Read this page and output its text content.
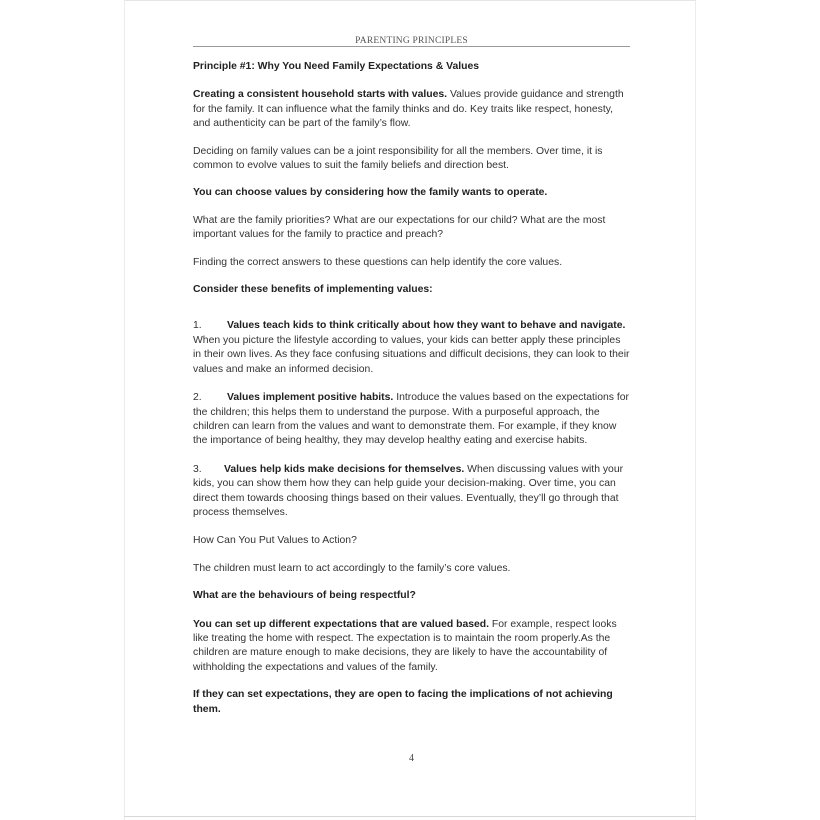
PARENTING PRINCIPLES

Principle #1: Why You Need Family Expectations & Values

Creating a consistent household starts with values. Values provide guidance and strength for the family. It can influence what the family thinks and do. Key traits like respect, honesty, and authenticity can be part of the family’s flow.

Deciding on family values can be a joint responsibility for all the members. Over time, it is common to evolve values to suit the family beliefs and direction best.

You can choose values by considering how the family wants to operate.

What are the family priorities? What are our expectations for our child? What are the most important values for the family to practice and preach?

Finding the correct answers to these questions can help identify the core values.

Consider these benefits of implementing values:

1. Values teach kids to think critically about how they want to behave and navigate. When you picture the lifestyle according to values, your kids can better apply these principles in their own lives. As they face confusing situations and difficult decisions, they can look to their values and make an informed decision.

2. Values implement positive habits. Introduce the values based on the expectations for the children; this helps them to understand the purpose. With a purposeful approach, the children can learn from the values and want to demonstrate them. For example, if they know the importance of being healthy, they may develop healthy eating and exercise habits.

3. Values help kids make decisions for themselves. When discussing values with your kids, you can show them how they can help guide your decision-making. Over time, you can direct them towards choosing things based on their values. Eventually, they’ll go through that process themselves.

How Can You Put Values to Action?

The children must learn to act accordingly to the family’s core values.

What are the behaviours of being respectful?

You can set up different expectations that are valued based. For example, respect looks like treating the home with respect. The expectation is to maintain the room properly.As the children are mature enough to make decisions, they are likely to have the accountability of withholding the expectations and values of the family.

If they can set expectations, they are open to facing the implications of not achieving them.

4
